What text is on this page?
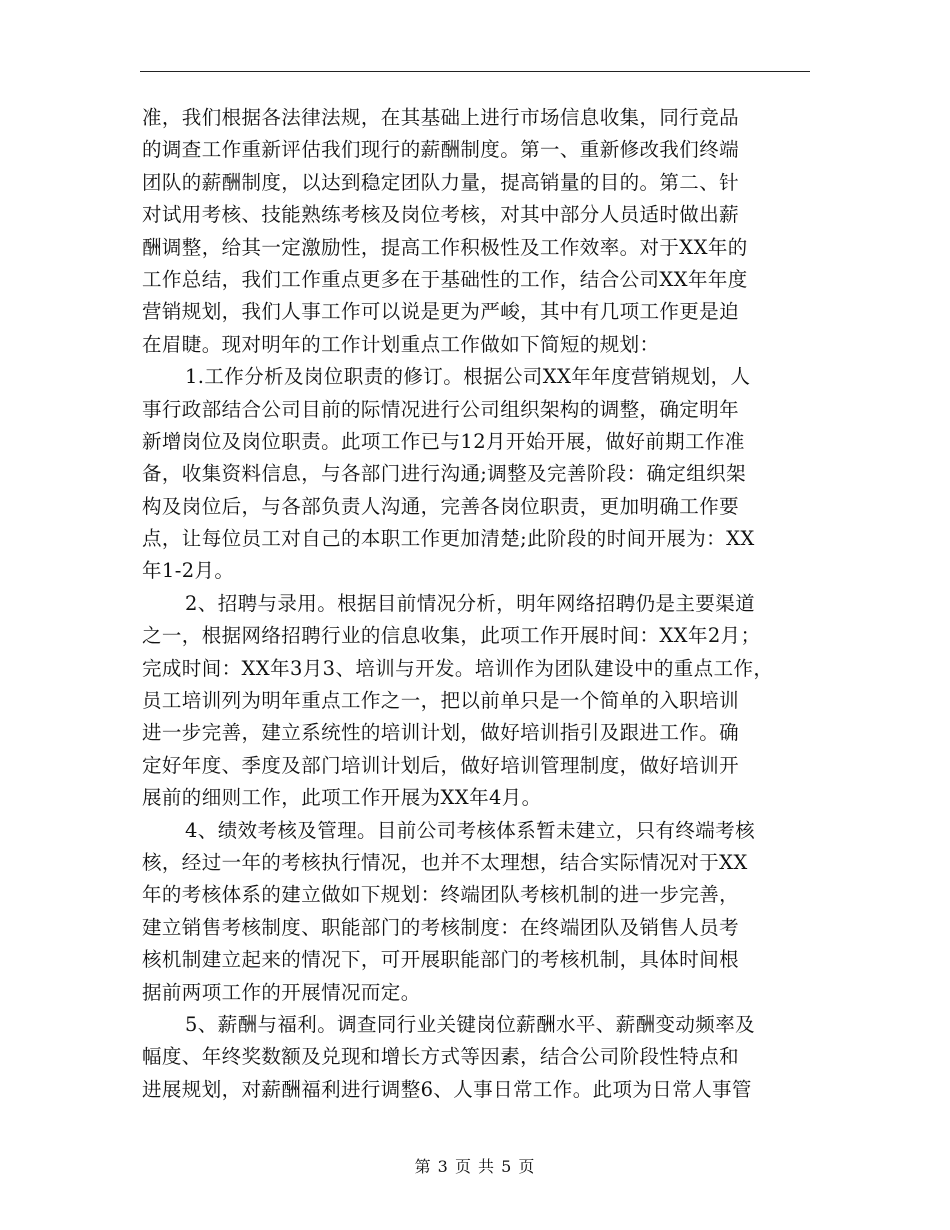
准，我们根据各法律法规，在其基础上进行市场信息收集，同行竞品
的调查工作重新评估我们现行的薪酬制度。第一、重新修改我们终端
团队的薪酬制度，以达到稳定团队力量，提高销量的目的。第二、针
对试用考核、技能熟练考核及岗位考核，对其中部分人员适时做出薪
酬调整，给其一定激励性，提高工作积极性及工作效率。对于XX年的
工作总结，我们工作重点更多在于基础性的工作，结合公司XX年年度
营销规划，我们人事工作可以说是更为严峻，其中有几项工作更是迫
在眉睫。现对明年的工作计划重点工作做如下简短的规划：
1.工作分析及岗位职责的修订。根据公司XX年年度营销规划，人
事行政部结合公司目前的际情况进行公司组织架构的调整，确定明年
新增岗位及岗位职责。此项工作已与12月开始开展，做好前期工作准
备，收集资料信息，与各部门进行沟通;调整及完善阶段：确定组织架
构及岗位后，与各部负责人沟通，完善各岗位职责，更加明确工作要
点，让每位员工对自己的本职工作更加清楚;此阶段的时间开展为：XX
年1-2月。
2、招聘与录用。根据目前情况分析，明年网络招聘仍是主要渠道
之一，根据网络招聘行业的信息收集，此项工作开展时间：XX年2月；
完成时间：XX年3月3、培训与开发。培训作为团队建设中的重点工作，
员工培训列为明年重点工作之一，把以前单只是一个简单的入职培训
进一步完善，建立系统性的培训计划，做好培训指引及跟进工作。确
定好年度、季度及部门培训计划后，做好培训管理制度，做好培训开
展前的细则工作，此项工作开展为XX年4月。
4、绩效考核及管理。目前公司考核体系暂未建立，只有终端考核
核，经过一年的考核执行情况，也并不太理想，结合实际情况对于XX
年的考核体系的建立做如下规划：终端团队考核机制的进一步完善，
建立销售考核制度、职能部门的考核制度：在终端团队及销售人员考
核机制建立起来的情况下，可开展职能部门的考核机制，具体时间根
据前两项工作的开展情况而定。
5、薪酬与福利。调查同行业关键岗位薪酬水平、薪酬变动频率及
幅度、年终奖数额及兑现和增长方式等因素，结合公司阶段性特点和
进展规划，对薪酬福利进行调整6、人事日常工作。此项为日常人事管
第 3 页 共 5 页
